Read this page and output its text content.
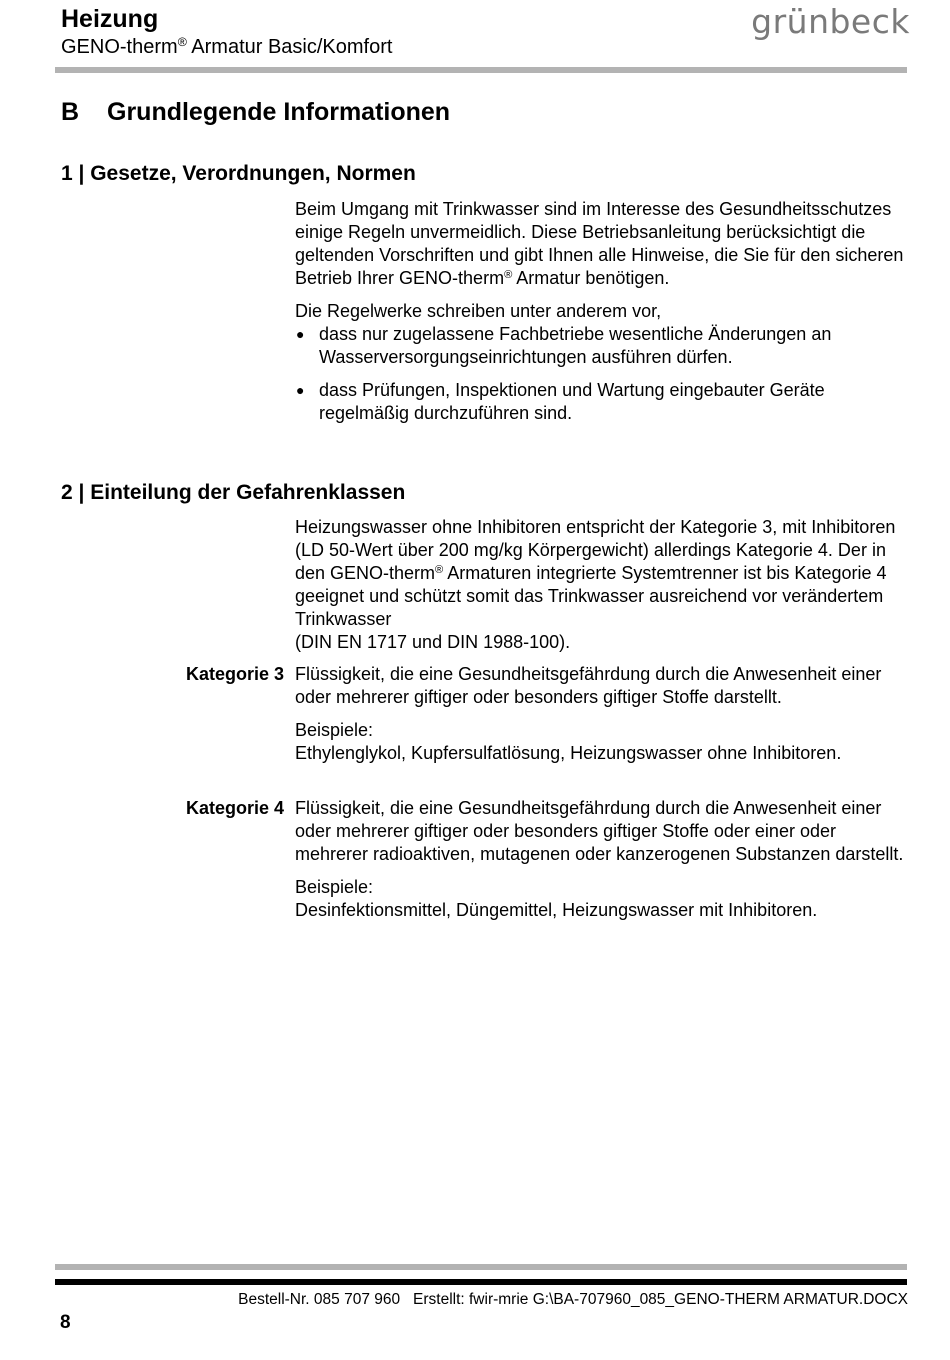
Heizung
GENO-therm® Armatur Basic/Komfort
grünbeck
B Grundlegende Informationen
1 | Gesetze, Verordnungen, Normen

Beim Umgang mit Trinkwasser sind im Interesse des Gesundheitsschutzes einige Regeln unvermeidlich. Diese Betriebsanleitung berücksichtigt die geltenden Vorschriften und gibt Ihnen alle Hinweise, die Sie für den sicheren Betrieb Ihrer GENO-therm® Armatur benötigen.

Die Regelwerke schreiben unter anderem vor,

● dass nur zugelassene Fachbetriebe wesentliche Änderungen an Wasserversorgungseinrichtungen ausführen dürfen.
● dass Prüfungen, Inspektionen und Wartung eingebauter Geräte regelmäßig durchzuführen sind.
2 | Einteilung der Gefahrenklassen

Heizungswasser ohne Inhibitoren entspricht der Kategorie 3, mit Inhibitoren (LD 50-Wert über 200 mg/kg Körpergewicht) allerdings Kategorie 4. Der in den GENO-therm® Armaturen integrierte Systemtrenner ist bis Kategorie 4 geeignet und schützt somit das Trinkwasser ausreichend vor verändertem Trinkwasser
(DIN EN 1717 und DIN 1988-100).

Kategorie 3 Flüssigkeit, die eine Gesundheitsgefährdung durch die Anwesenheit einer oder mehrerer giftiger oder besonders giftiger Stoffe darstellt.

Beispiele:

Ethylenglykol, Kupfersulfatlösung, Heizungswasser ohne Inhibitoren.

Kategorie 4 Flüssigkeit, die eine Gesundheitsgefährdung durch die Anwesenheit einer oder mehrerer giftiger oder besonders giftiger Stoffe oder einer oder mehrerer radioaktiven, mutagenen oder kanzerogenen Substanzen darstellt.

Beispiele:

Desinfektionsmittel, Düngemittel, Heizungswasser mit Inhibitoren.

Bestell-Nr. 085 707 960   Erstellt: fwir-mrie G:\BA-707960_085_GENO-THERM ARMATUR.DOCX
8
